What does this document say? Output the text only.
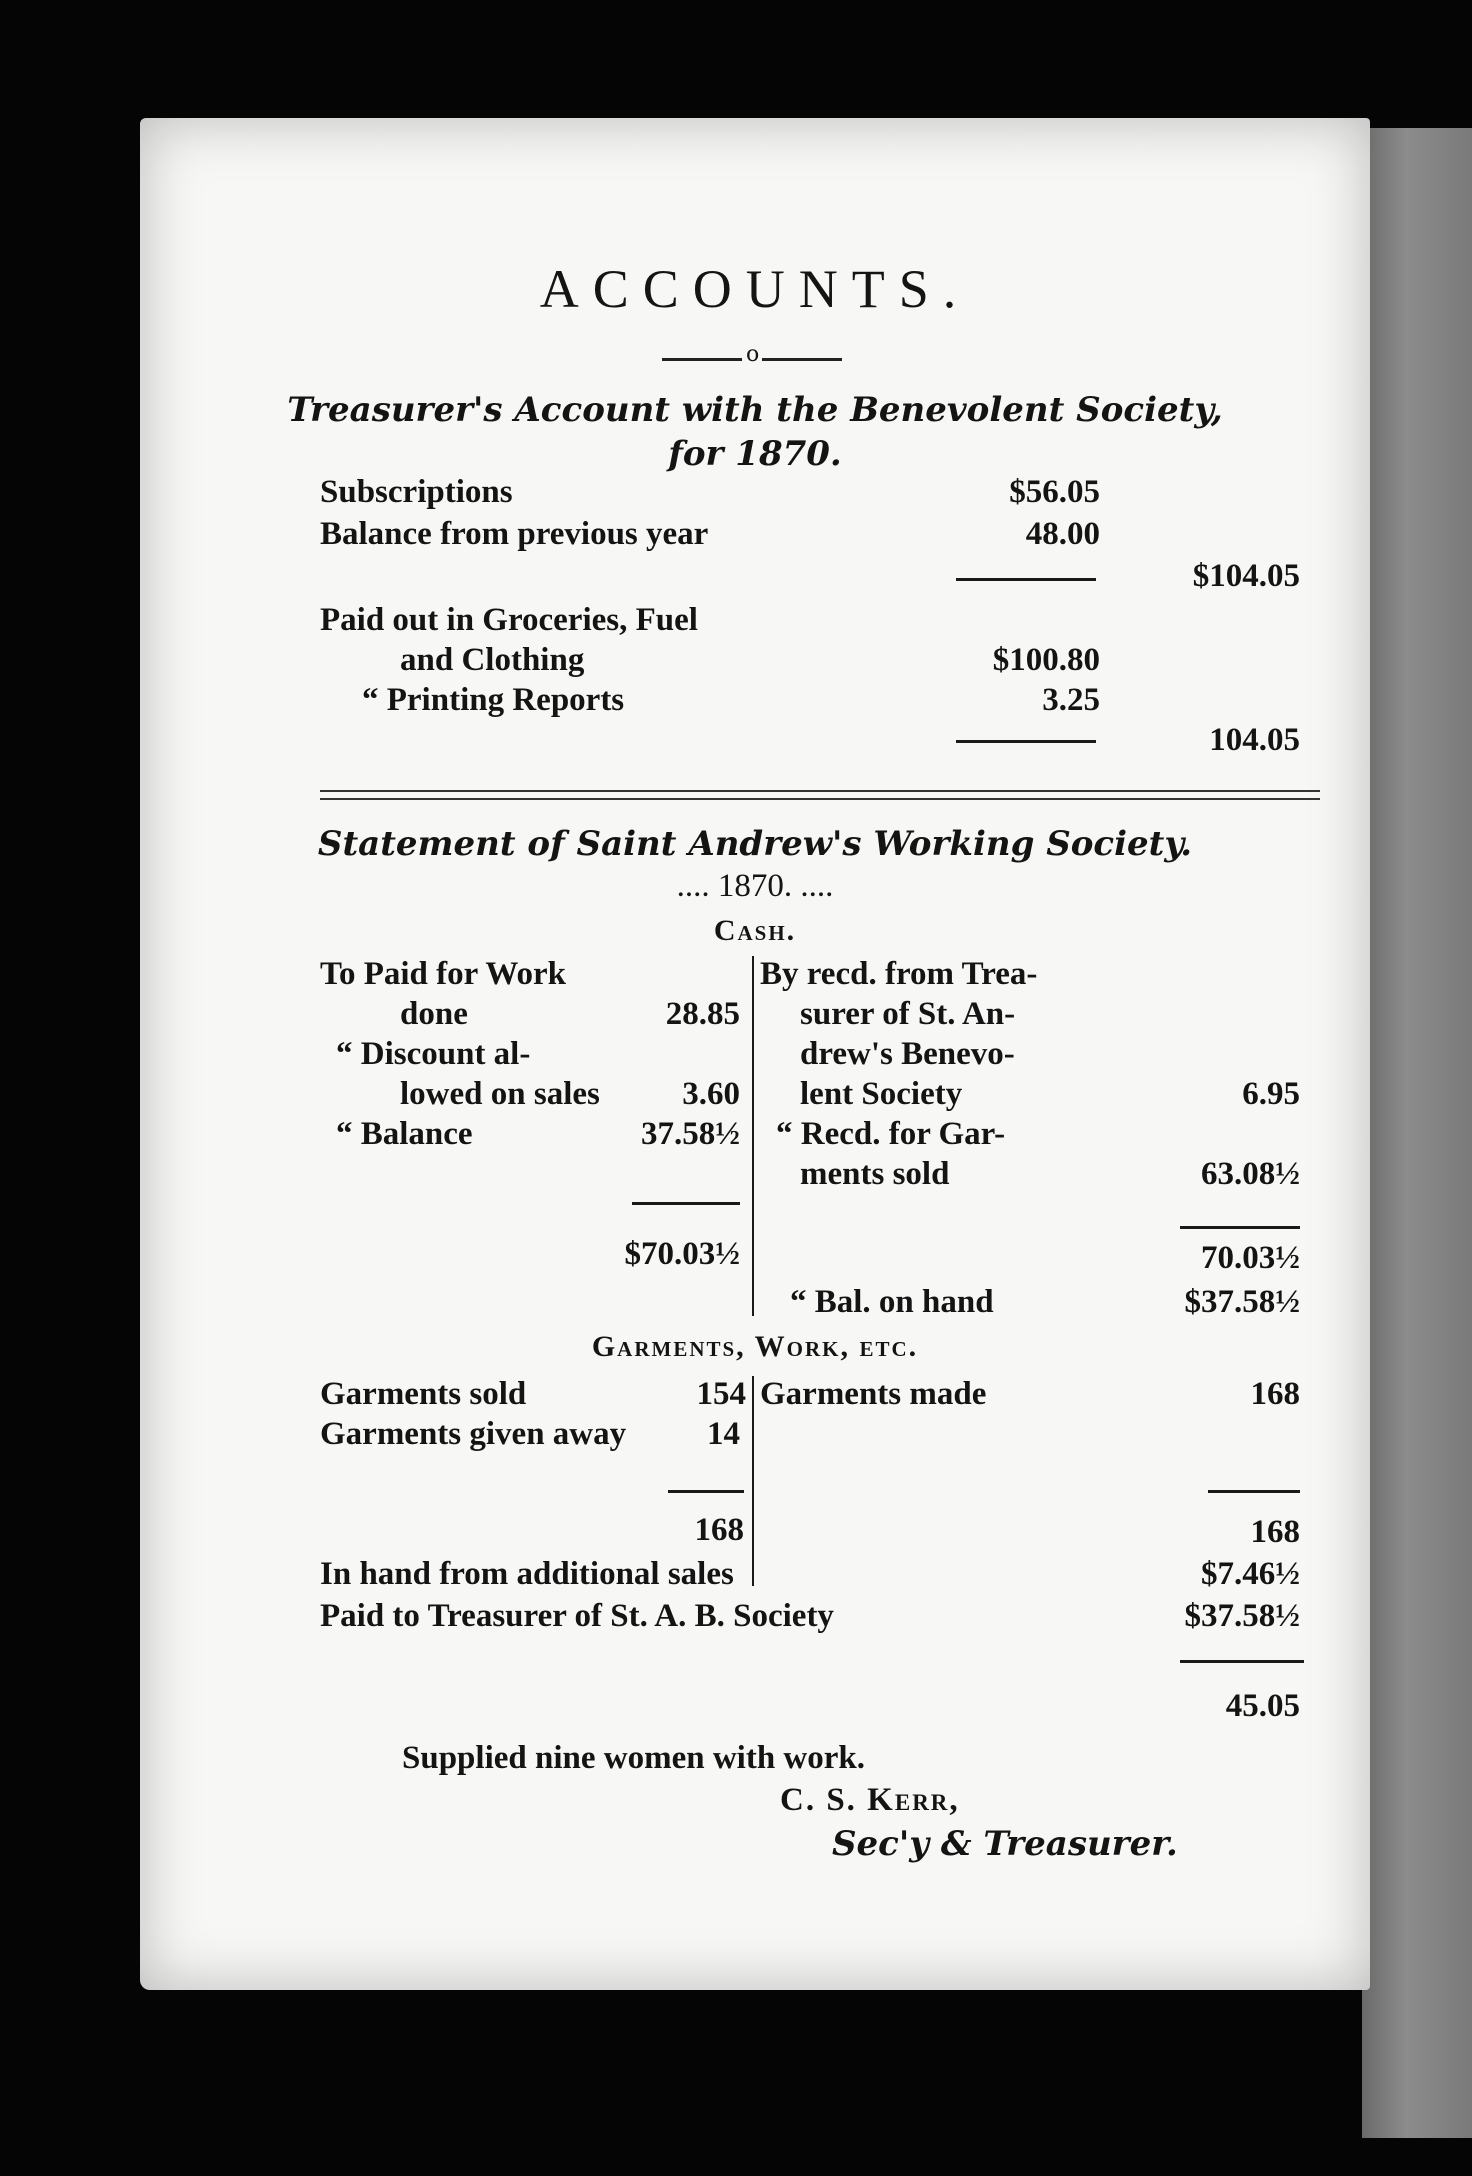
ACCOUNTS.
o
Treasurer's Account with the Benevolent Society,
for 1870.
Subscriptions	$56.05
Balance from previous year	48.00
$104.05
Paid out in Groceries, Fuel
and Clothing	$100.80
“ Printing Reports	3.25
104.05
Statement of Saint Andrew's Working Society.
.... 1870. ....
Cash.
To Paid for Work
done	28.85
“ Discount al-
lowed on sales	3.60
“ Balance	37.58½
$70.03½
By recd. from Trea-
surer of St. An-
drew's Benevo-
lent Society	6.95
“ Recd. for Gar-
ments sold	63.08½
70.03½
“ Bal. on hand	$37.58½
Garments, Work, etc.
Garments sold	154
Garments given away	14
168
Garments made	168
168
In hand from additional sales	$7.46½
Paid to Treasurer of St. A. B. Society	$37.58½
45.05
Supplied nine women with work.
C. S. Kerr,
Sec'y & Treasurer.
